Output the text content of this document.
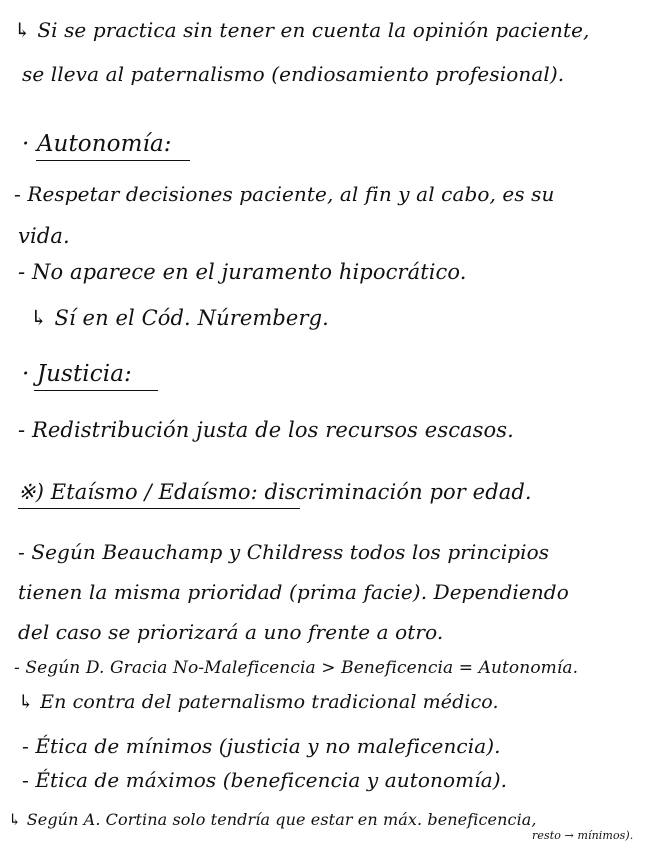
↳ Si se practica sin tener en cuenta la opinión paciente,
se lleva al paternalismo (endiosamiento profesional).
· Autonomía:
- Respetar decisiones paciente, al fin y al cabo, es su
vida.
- No aparece en el juramento hipocrático.
↳ Sí en el Cód. Núremberg.
· Justicia:
- Redistribución justa de los recursos escasos.
※) Etaísmo / Edaísmo: discriminación por edad.
- Según Beauchamp y Childress todos los principios
tienen la misma prioridad (prima facie). Dependiendo
del caso se priorizará a uno frente a otro.
- Según D. Gracia No-Maleficencia > Beneficencia = Autonomía.
↳ En contra del paternalismo tradicional médico.
- Ética de mínimos (justicia y no maleficencia).
- Ética de máximos (beneficencia y autonomía).
↳ Según A. Cortina solo tendría que estar en máx. beneficencia,
resto → mínimos).
